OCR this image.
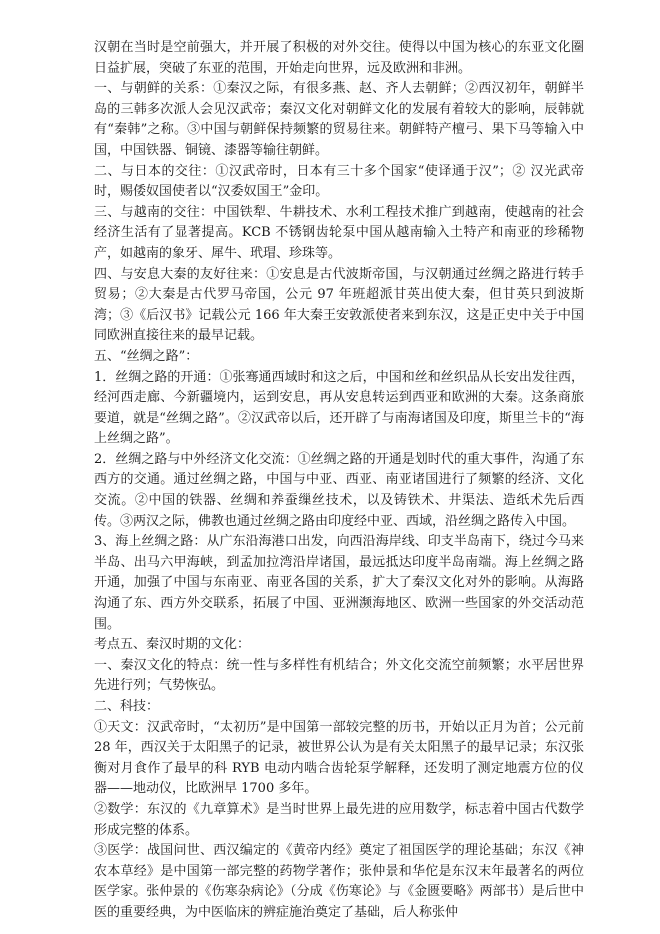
汉朝在当时是空前强大，并开展了积极的对外交往。使得以中国为核心的东亚文化圈日益扩展，突破了东亚的范围，开始走向世界，远及欧洲和非洲。

一、与朝鲜的关系：①秦汉之际，有很多燕、赵、齐人去朝鲜；②西汉初年，朝鲜半岛的三韩多次派人会见汉武帝；秦汉文化对朝鲜文化的发展有着较大的影响，辰韩就有“秦韩”之称。③中国与朝鲜保持频繁的贸易往来。朝鲜特产檀弓、果下马等输入中国，中国铁器、铜镜、漆器等输往朝鲜。

二、与日本的交往：①汉武帝时，日本有三十多个国家“使译通于汉”；② 汉光武帝时，赐倭奴国使者以“汉委奴国王”金印。

三、与越南的交往：中国铁犁、牛耕技术、水利工程技术推广到越南，使越南的社会经济生活有了显著提高。KCB 不锈钢齿轮泵中国从越南输入土特产和南亚的珍稀物产，如越南的象牙、犀牛、玳瑁、珍珠等。

四、与安息大秦的友好往来：①安息是古代波斯帝国，与汉朝通过丝绸之路进行转手贸易；②大秦是古代罗马帝国，公元 97 年班超派甘英出使大秦，但甘英只到波斯湾；③《后汉书》记载公元 166 年大秦王安敦派使者来到东汉，这是正史中关于中国同欧洲直接往来的最早记载。

五、“丝绸之路”：

1．丝绸之路的开通：①张骞通西域时和这之后，中国和丝和丝织品从长安出发往西，经河西走廊、今新疆境内，运到安息，再从安息转运到西亚和欧洲的大秦。这条商旅要道，就是“丝绸之路”。②汉武帝以后，还开辟了与南海诸国及印度，斯里兰卡的“海上丝绸之路”。

2．丝绸之路与中外经济文化交流：①丝绸之路的开通是划时代的重大事件，沟通了东西方的交通。通过丝绸之路，中国与中亚、西亚、南亚诸国进行了频繁的经济、文化交流。②中国的铁器、丝绸和养蚕缫丝技术，以及铸铁术、井渠法、造纸术先后西传。③两汉之际，佛教也通过丝绸之路由印度经中亚、西域，沿丝绸之路传入中国。

3、海上丝绸之路：从广东沿海港口出发，向西沿海岸线、印支半岛南下，绕过今马来半岛、出马六甲海峡，到孟加拉湾沿岸诸国，最远抵达印度半岛南端。海上丝绸之路开通，加强了中国与东南亚、南亚各国的关系，扩大了秦汉文化对外的影响。从海路沟通了东、西方外交联系，拓展了中国、亚洲濒海地区、欧洲一些国家的外交活动范围。

考点五、秦汉时期的文化：

一、秦汉文化的特点：统一性与多样性有机结合；外文化交流空前频繁；水平居世界先进行列；气势恢弘。

二、科技：

①天文：汉武帝时，“太初历”是中国第一部较完整的历书，开始以正月为首；公元前 28 年，西汉关于太阳黑子的记录，被世界公认为是有关太阳黑子的最早记录；东汉张衡对月食作了最早的科 RYB 电动内啮合齿轮泵学解释，还发明了测定地震方位的仪器——地动仪，比欧洲早 1700 多年。

②数学：东汉的《九章算术》是当时世界上最先进的应用数学，标志着中国古代数学形成完整的体系。

③医学：战国问世、西汉编定的《黄帝内经》奠定了祖国医学的理论基础；东汉《神农本草经》是中国第一部完整的药物学著作；张仲景和华佗是东汉末年最著名的两位医学家。张仲景的《伤寒杂病论》（分成《伤寒论》与《金匮要略》两部书）是后世中医的重要经典，为中医临床的辨症施治奠定了基础，后人称张仲
